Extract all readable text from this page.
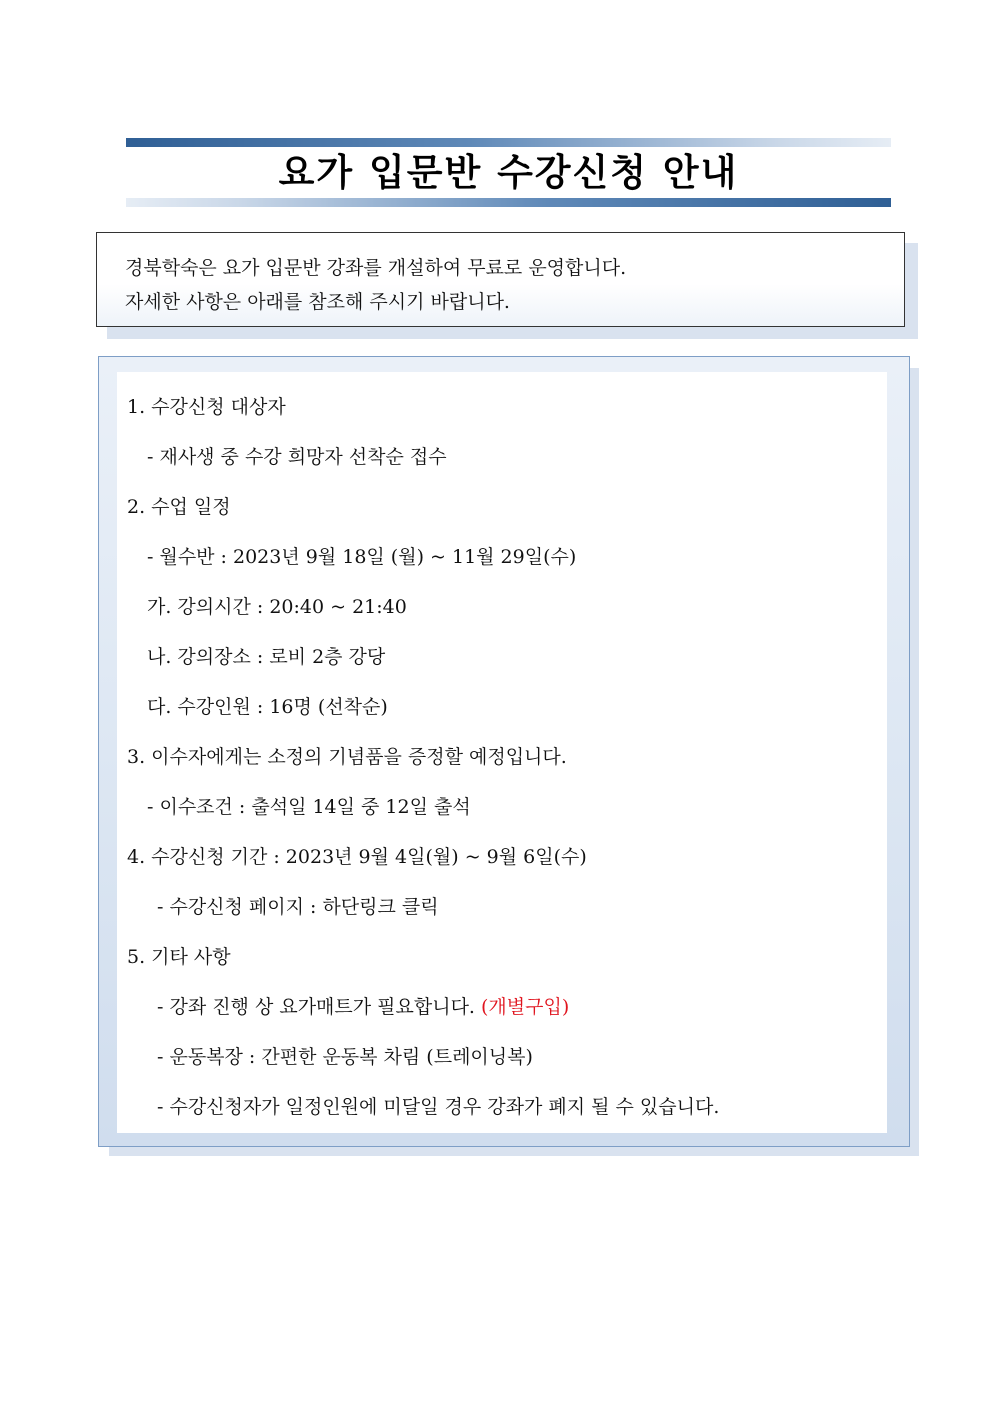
요가 입문반 수강신청 안내
경북학숙은 요가 입문반 강좌를 개설하여 무료로 운영합니다.
자세한 사항은 아래를 참조해 주시기 바랍니다.
1. 수강신청 대상자
- 재사생 중 수강 희망자 선착순 접수
2. 수업 일정
- 월수반 : 2023년 9월 18일 (월) ~ 11월 29일(수)
가. 강의시간 : 20:40 ~ 21:40
나. 강의장소 : 로비 2층 강당
다. 수강인원 : 16명 (선착순)
3. 이수자에게는 소정의 기념품을 증정할 예정입니다.
- 이수조건 : 출석일 14일 중 12일 출석
4. 수강신청 기간 : 2023년 9월 4일(월) ~ 9월 6일(수)
- 수강신청 페이지 : 하단링크 클릭
5. 기타 사항
- 강좌 진행 상 요가매트가 필요합니다. (개별구입)
- 운동복장 : 간편한 운동복 차림 (트레이닝복)
- 수강신청자가 일정인원에 미달일 경우 강좌가 폐지 될 수 있습니다.
